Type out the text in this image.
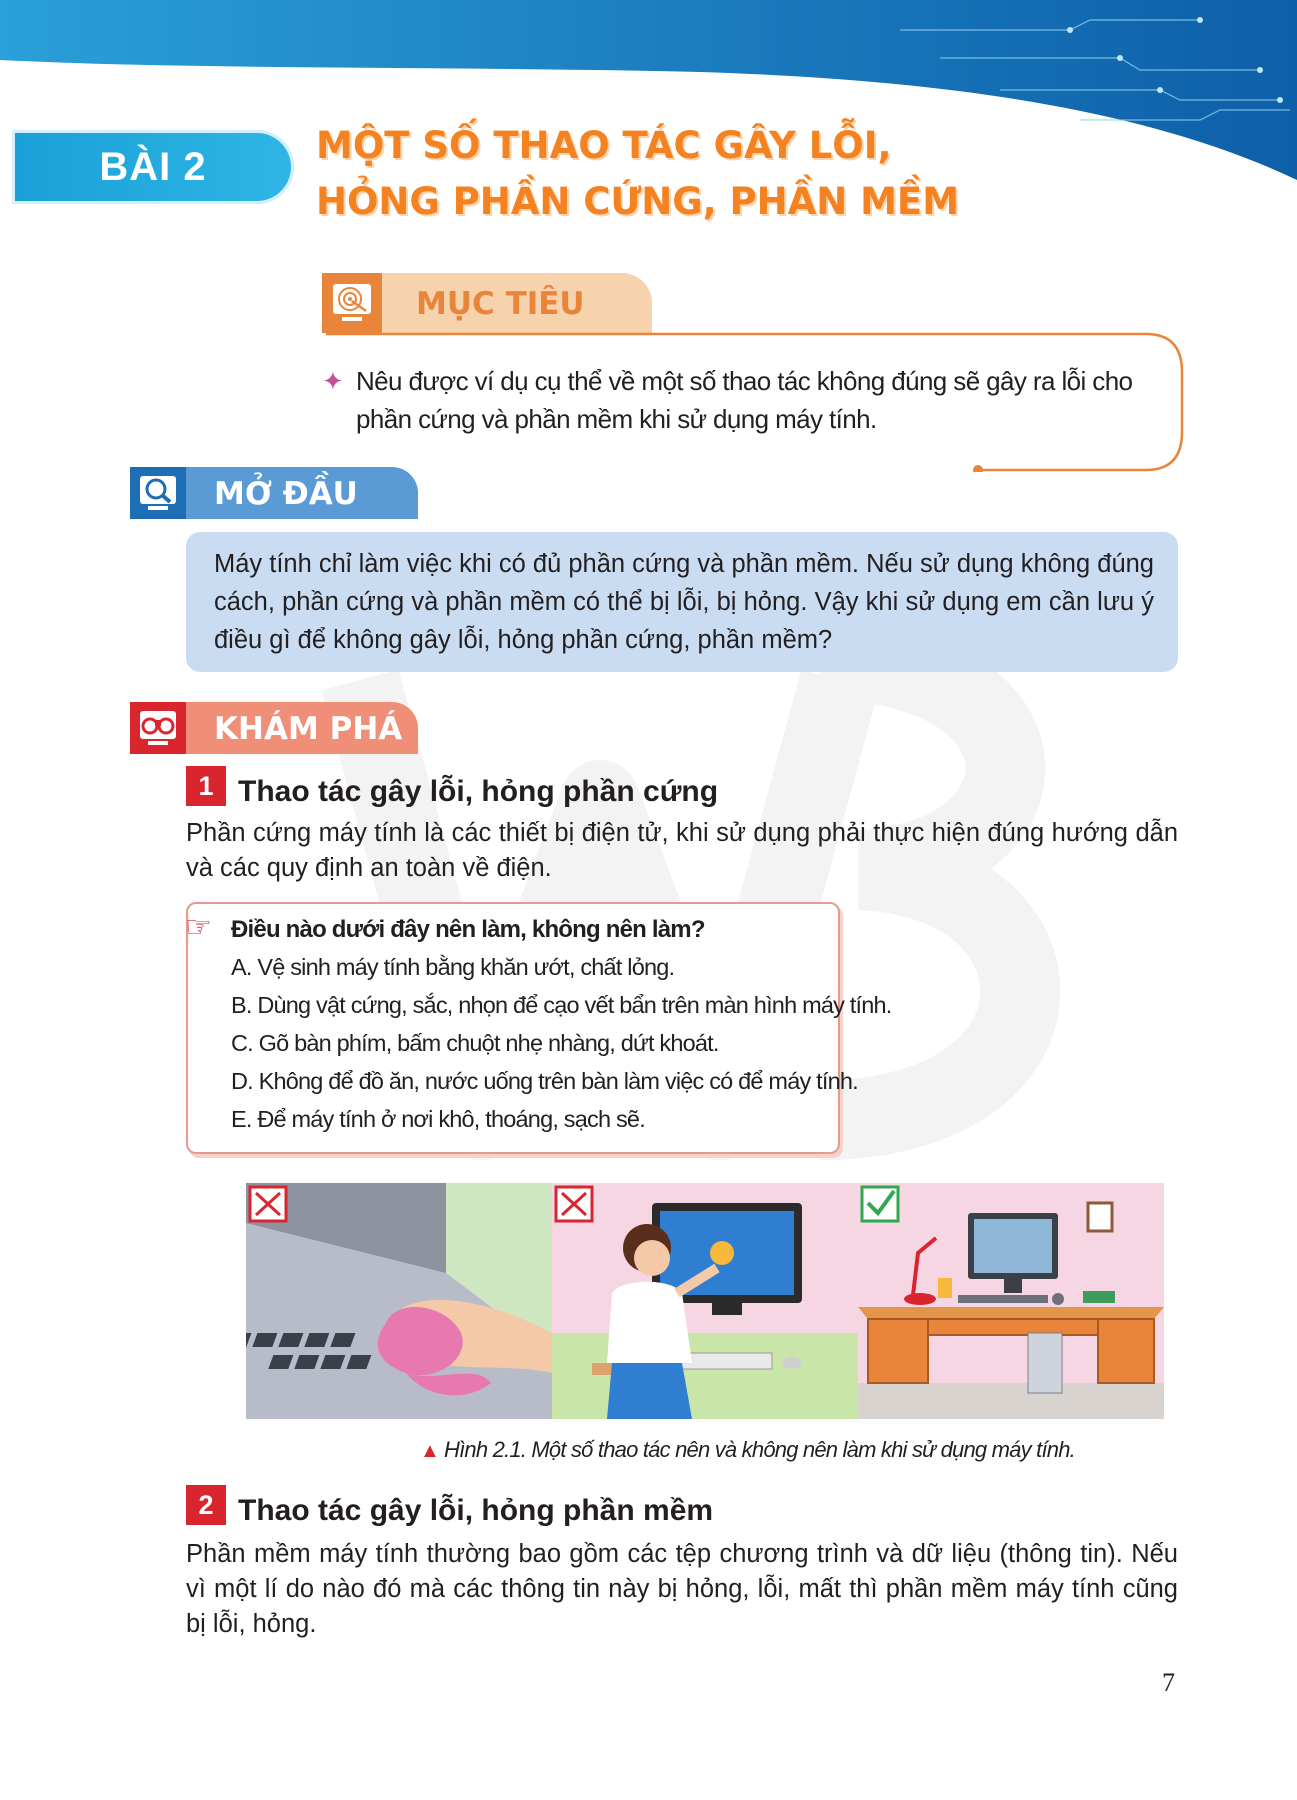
BÀI 2	MỘT SỐ THAO TÁC GÂY LỖI,
HỎNG PHẦN CỨNG, PHẦN MỀM
MỤC TIÊU
✦ Nêu được ví dụ cụ thể về một số thao tác không đúng sẽ gây ra lỗi cho phần cứng và phần mềm khi sử dụng máy tính.
MỞ ĐẦU
Máy tính chỉ làm việc khi có đủ phần cứng và phần mềm. Nếu sử dụng không đúng cách, phần cứng và phần mềm có thể bị lỗi, bị hỏng. Vậy khi sử dụng em cần lưu ý điều gì để không gây lỗi, hỏng phần cứng, phần mềm?
KHÁM PHÁ
1 Thao tác gây lỗi, hỏng phần cứng
Phần cứng máy tính là các thiết bị điện tử, khi sử dụng phải thực hiện đúng hướng dẫn và các quy định an toàn về điện.
☞ Điều nào dưới đây nên làm, không nên làm?
A. Vệ sinh máy tính bằng khăn ướt, chất lỏng.
B. Dùng vật cứng, sắc, nhọn để cạo vết bẩn trên màn hình máy tính.
C. Gõ bàn phím, bấm chuột nhẹ nhàng, dứt khoát.
D. Không để đồ ăn, nước uống trên bàn làm việc có để máy tính.
E. Để máy tính ở nơi khô, thoáng, sạch sẽ.
▲ Hình 2.1. Một số thao tác nên và không nên làm khi sử dụng máy tính.
2 Thao tác gây lỗi, hỏng phần mềm
Phần mềm máy tính thường bao gồm các tệp chương trình và dữ liệu (thông tin). Nếu vì một lí do nào đó mà các thông tin này bị hỏng, lỗi, mất thì phần mềm máy tính cũng bị lỗi, hỏng.
7
